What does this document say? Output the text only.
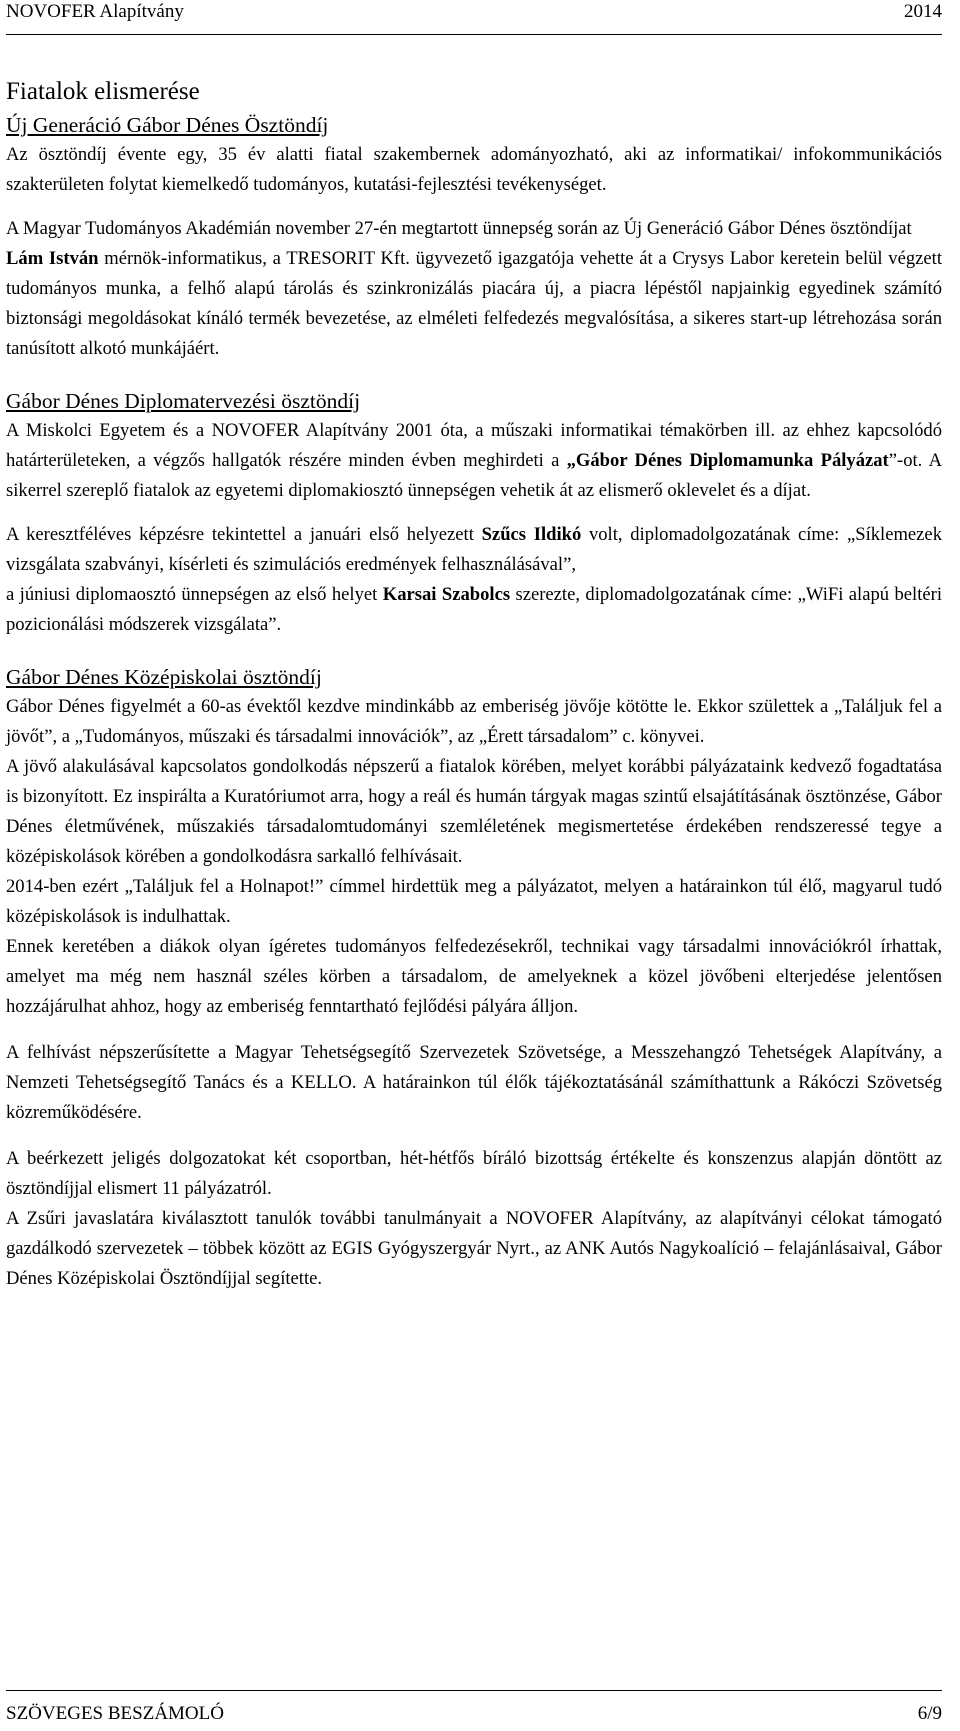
NOVOFER Alapítvány	2014

Fiatalok elismerése

Új Generáció Gábor Dénes Ösztöndíj

Az ösztöndíj évente egy, 35 év alatti fiatal szakembernek adományozható, aki az informatikai/ infokommunikációs szakterületen folytat kiemelkedő tudományos, kutatási-fejlesztési tevékenységet.

A Magyar Tudományos Akadémián november 27-én megtartott ünnepség során az Új Generáció Gábor Dénes ösztöndíjat

Lám István mérnök-informatikus, a TRESORIT Kft. ügyvezető igazgatója vehette át a Crysys Labor keretein belül végzett tudományos munka, a felhő alapú tárolás és szinkronizálás piacára új, a piacra lépéstől napjainkig egyedinek számító biztonsági megoldásokat kínáló termék bevezetése, az elméleti felfedezés megvalósítása, a sikeres start-up létrehozása során tanúsított alkotó munkájáért.

Gábor Dénes Diplomatervezési ösztöndíj

A Miskolci Egyetem és a NOVOFER Alapítvány 2001 óta, a műszaki informatikai témakörben ill. az ehhez kapcsolódó határterületeken, a végzős hallgatók részére minden évben meghirdeti a „Gábor Dénes Diplomamunka Pályázat”-ot. A sikerrel szereplő fiatalok az egyetemi diplomakiosztó ünnepségen vehetik át az elismerő oklevelet és a díjat.

A keresztféléves képzésre tekintettel a januári első helyezett Szűcs Ildikó volt, diplomadolgozatának címe: „Síklemezek vizsgálata szabványi, kísérleti és szimulációs eredmények felhasználásával”,

a júniusi diplomaosztó ünnepségen az első helyet Karsai Szabolcs szerezte, diplomadolgozatának címe: „WiFi alapú beltéri pozicionálási módszerek vizsgálata”.

Gábor Dénes Középiskolai ösztöndíj

Gábor Dénes figyelmét a 60-as évektől kezdve mindinkább az emberiség jövője kötötte le. Ekkor születtek a „Találjuk fel a jövőt”, a „Tudományos, műszaki és társadalmi innovációk”, az „Érett társadalom” c. könyvei.

A jövő alakulásával kapcsolatos gondolkodás népszerű a fiatalok körében, melyet korábbi pályázataink kedvező fogadtatása is bizonyított. Ez inspirálta a Kuratóriumot arra, hogy a reál és humán tárgyak magas szintű elsajátításának ösztönzése, Gábor Dénes életművének, műszakiés társadalomtudományi szemléletének megismertetése érdekében rendszeressé tegye a középiskolások körében a gondolkodásra sarkalló felhívásait.

2014-ben ezért „Találjuk fel a Holnapot!” címmel hirdettük meg a pályázatot, melyen a határainkon túl élő, magyarul tudó középiskolások is indulhattak.

Ennek keretében a diákok olyan ígéretes tudományos felfedezésekről, technikai vagy társadalmi innovációkról írhattak, amelyet ma még nem használ széles körben a társadalom, de amelyeknek a közel jövőbeni elterjedése jelentősen hozzájárulhat ahhoz, hogy az emberiség fenntartható fejlődési pályára álljon.

A felhívást népszerűsítette a Magyar Tehetségsegítő Szervezetek Szövetsége, a Messzehangzó Tehetségek Alapítvány, a Nemzeti Tehetségsegítő Tanács és a KELLO. A határainkon túl élők tájékoztatásánál számíthattunk a Rákóczi Szövetség közreműködésére.

A beérkezett jeligés dolgozatokat két csoportban, hét-hétfős bíráló bizottság értékelte és konszenzus alapján döntött az ösztöndíjjal elismert 11 pályázatról.

A Zsűri javaslatára kiválasztott tanulók további tanulmányait a NOVOFER Alapítvány, az alapítványi célokat támogató gazdálkodó szervezetek – többek között az EGIS Gyógyszergyár Nyrt., az ANK Autós Nagykoalíció – felajánlásaival, Gábor Dénes Középiskolai Ösztöndíjjal segítette.

SZÖVEGES BESZÁMOLÓ	6/9
